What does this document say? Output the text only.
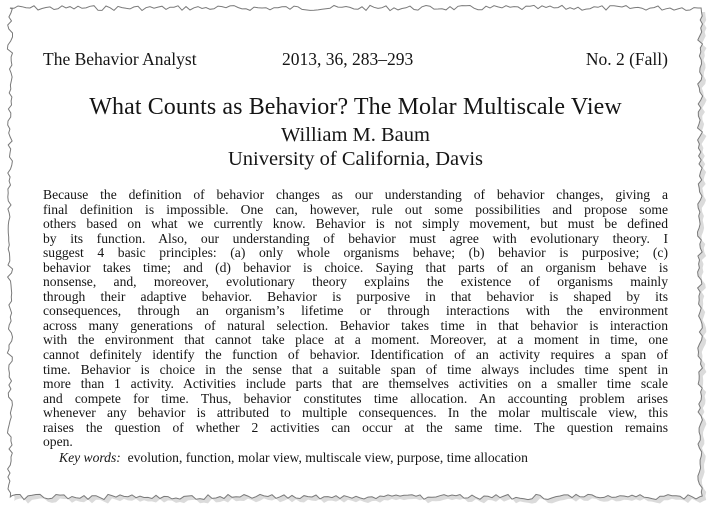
The Behavior Analyst	2013, 36, 283–293	No. 2 (Fall)
What Counts as Behavior? The Molar Multiscale View
William M. Baum
University of California, Davis
Because the definition of behavior changes as our understanding of behavior changes, giving a
final definition is impossible. One can, however, rule out some possibilities and propose some
others based on what we currently know. Behavior is not simply movement, but must be defined
by its function. Also, our understanding of behavior must agree with evolutionary theory. I
suggest 4 basic principles: (a) only whole organisms behave; (b) behavior is purposive; (c)
behavior takes time; and (d) behavior is choice. Saying that parts of an organism behave is
nonsense, and, moreover, evolutionary theory explains the existence of organisms mainly
through their adaptive behavior. Behavior is purposive in that behavior is shaped by its
consequences, through an organism’s lifetime or through interactions with the environment
across many generations of natural selection. Behavior takes time in that behavior is interaction
with the environment that cannot take place at a moment. Moreover, at a moment in time, one
cannot definitely identify the function of behavior. Identification of an activity requires a span of
time. Behavior is choice in the sense that a suitable span of time always includes time spent in
more than 1 activity. Activities include parts that are themselves activities on a smaller time scale
and compete for time. Thus, behavior constitutes time allocation. An accounting problem arises
whenever any behavior is attributed to multiple consequences. In the molar multiscale view, this
raises the question of whether 2 activities can occur at the same time. The question remains
open.
Key words: evolution, function, molar view, multiscale view, purpose, time allocation
